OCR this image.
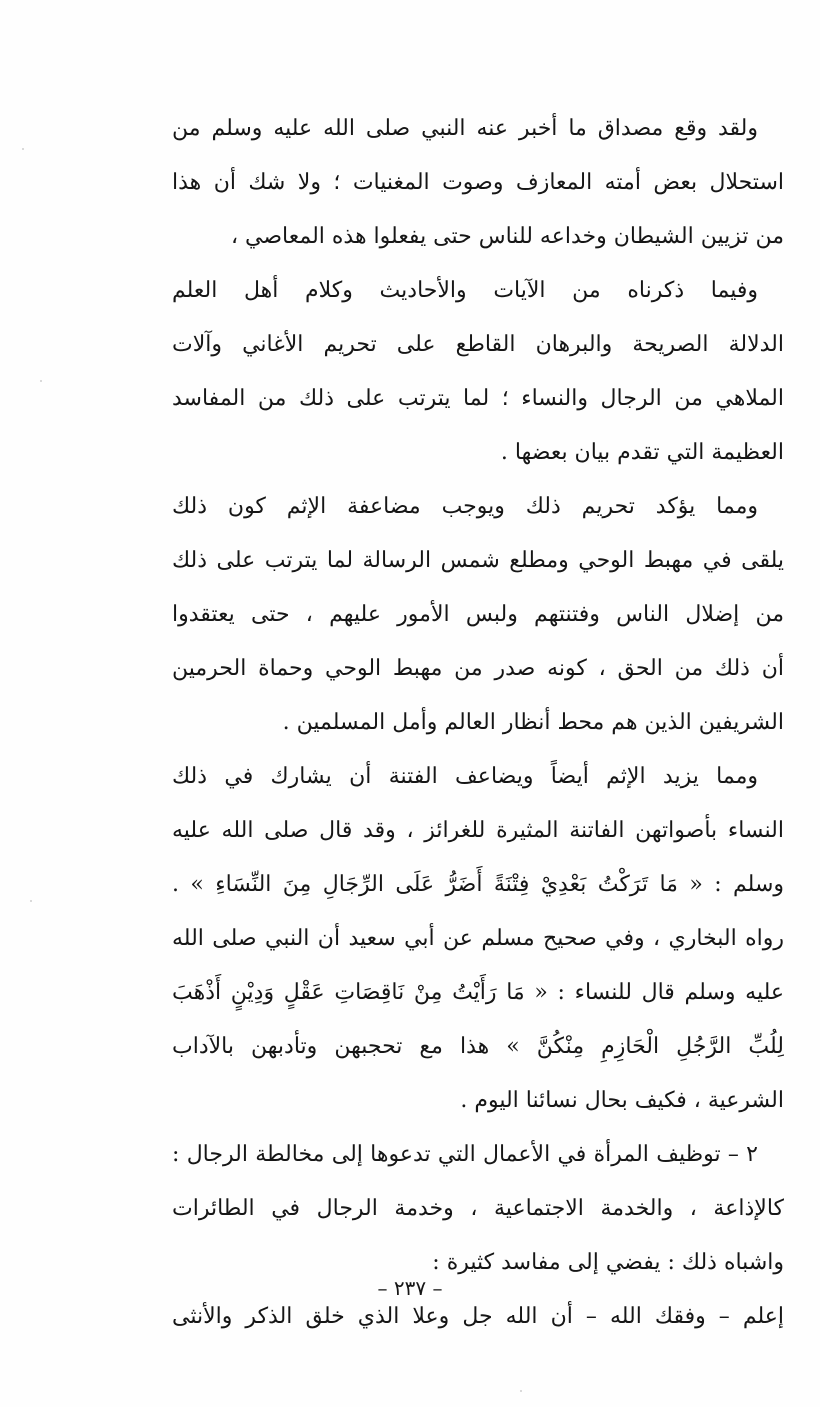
ولقد وقع مصداق ما أخبر عنه النبي صلى الله عليه وسلم من
استحلال بعض أمته المعازف وصوت المغنيات ؛ ولا شك أن هذا
من تزيين الشيطان وخداعه للناس حتى يفعلوا هذه المعاصي ،
وفيما ذكرناه من الآيات والأحاديث وكلام أهل العلم
الدلالة الصريحة والبرهان القاطع على تحريم الأغاني وآلات
الملاهي من الرجال والنساء ؛ لما يترتب على ذلك من المفاسد
العظيمة التي تقدم بيان بعضها .
ومما يؤكد تحريم ذلك ويوجب مضاعفة الإثم كون ذلك
يلقى في مهبط الوحي ومطلع شمس الرسالة لما يترتب على ذلك
من إضلال الناس وفتنتهم ولبس الأمور عليهم ، حتى يعتقدوا
أن ذلك من الحق ، كونه صدر من مهبط الوحي وحماة الحرمين
الشريفين الذين هم محط أنظار العالم وأمل المسلمين .
ومما يزيد الإثم أيضاً ويضاعف الفتنة أن يشارك في ذلك
النساء بأصواتهن الفاتنة المثيرة للغرائز ، وقد قال صلى الله عليه
وسلم : « مَا تَرَكْتُ بَعْدِيْ فِتْنَةً أَضَرُّ عَلَى الرِّجَالِ مِنَ النِّسَاءِ » .
رواه البخاري ، وفي صحيح مسلم عن أبي سعيد أن النبي صلى الله
عليه وسلم قال للنساء : « مَا رَأَيْتُ مِنْ نَاقِصَاتِ عَقْلٍ وَدِيْنٍ أَذْهَبَ
لِلُبِّ الرَّجُلِ الْحَازِمِ مِنْكُنَّ » هذا مع تحجبهن وتأدبهن بالآداب
الشرعية ، فكيف بحال نسائنا اليوم .
٢ – توظيف المرأة في الأعمال التي تدعوها إلى مخالطة الرجال :
كالإذاعة ، والخدمة الاجتماعية ، وخدمة الرجال في الطائرات
واشباه ذلك : يفضي إلى مفاسد كثيرة :
إعلم – وفقك الله – أن الله جل وعلا الذي خلق الذكر والأنثى
– ٢٣٧ –
